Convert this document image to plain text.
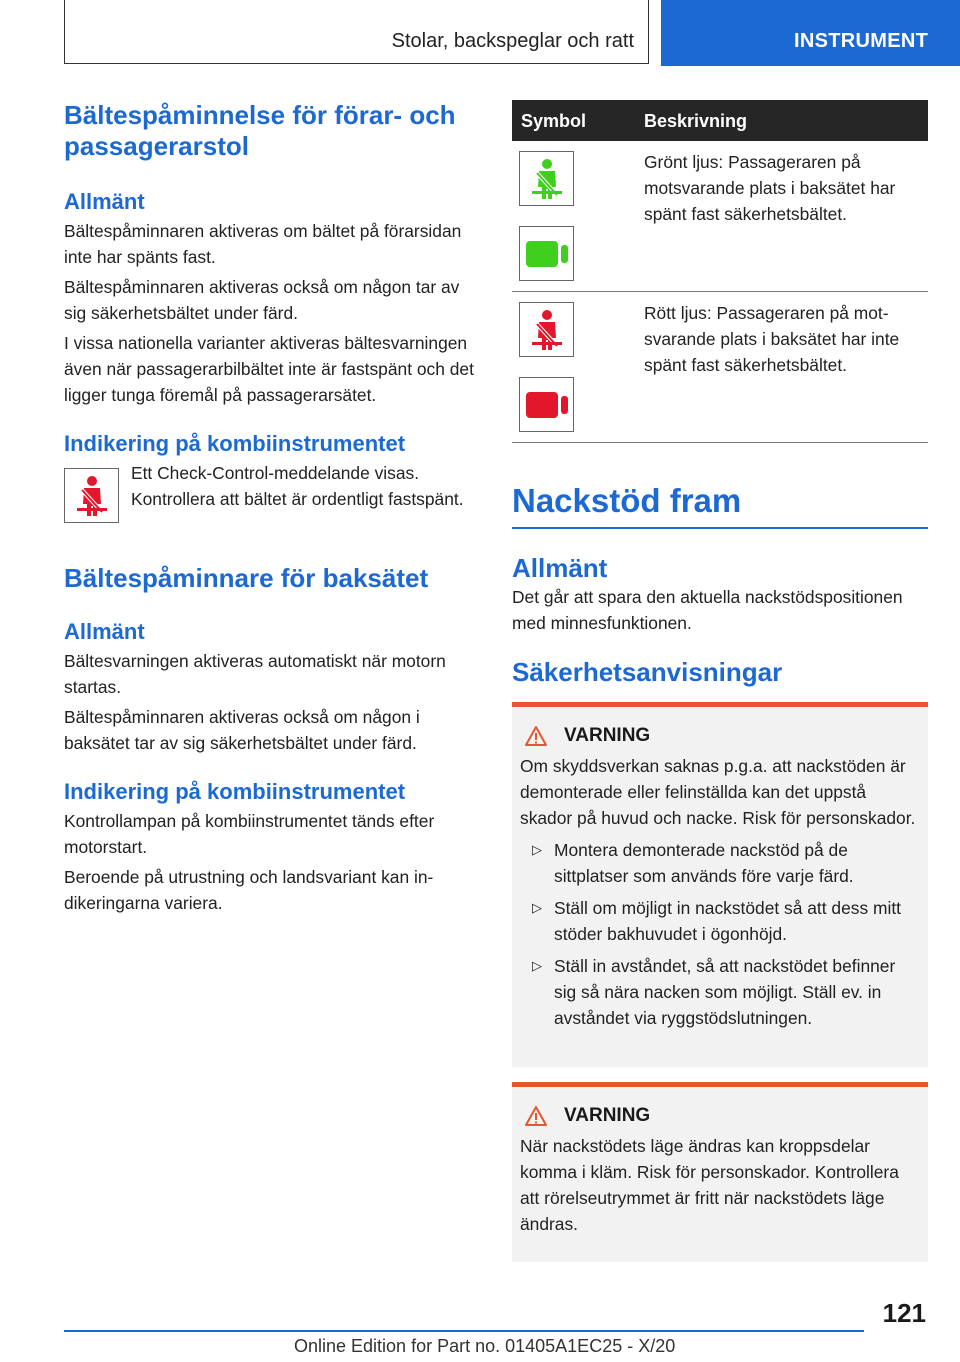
Stolar, backspeglar och ratt	INSTRUMENT
Bältespåminnelse för förar- och passagerarstol
Allmänt

Bältespåminnaren aktiveras om bältet på förarsidan inte har spänts fast.

Bältespåminnaren aktiveras också om någon tar av sig säkerhetsbältet under färd.

I vissa nationella varianter aktiveras bältesvarningen även när passagerarbilbältet inte är fastspänt och det ligger tunga föremål på passagerarsätet.

Indikering på kombiinstrumentet

Ett Check-Control-meddelande visas. Kontrollera att bältet är ordentligt fastspänt.

Bältespåminnare för baksätet
Allmänt

Bältesvarningen aktiveras automatiskt när motorn startas.

Bältespåminnaren aktiveras också om någon i baksätet tar av sig säkerhetsbältet under färd.

Indikering på kombiinstrumentet

Kontrollampan på kombiinstrumentet tänds efter motorstart.

Beroende på utrustning och landsvariant kan indikeringarna variera.

Symbol	Beskrivning

Grönt ljus: Passageraren på motsvarande plats i baksätet har spänt fast säkerhetsbältet.

Rött ljus: Passageraren på motsvarande plats i baksätet har inte spänt fast säkerhetsbältet.

Nackstöd fram
Allmänt

Det går att spara den aktuella nackstödspositionen med minnesfunktionen.

Säkerhetsanvisningar
VARNING

Om skyddsverkan saknas p.g.a. att nackstöden är demonterade eller felinställda kan det uppstå skador på huvud och nacke. Risk för personskador.

▷ Montera demonterade nackstöd på de sittplatser som används före varje färd.

▷ Ställ om möjligt in nackstödet så att dess mitt stöder bakhuvudet i ögonhöjd.

▷ Ställ in avståndet, så att nackstödet befinner sig så nära nacken som möjligt. Ställ ev. in avståndet via ryggstödslutningen.

VARNING

När nackstödets läge ändras kan kroppsdelar komma i kläm. Risk för personskador. Kontrollera att rörelseutrymmet är fritt när nackstödets läge ändras.

121
Online Edition for Part no. 01405A1EC25 - X/20
